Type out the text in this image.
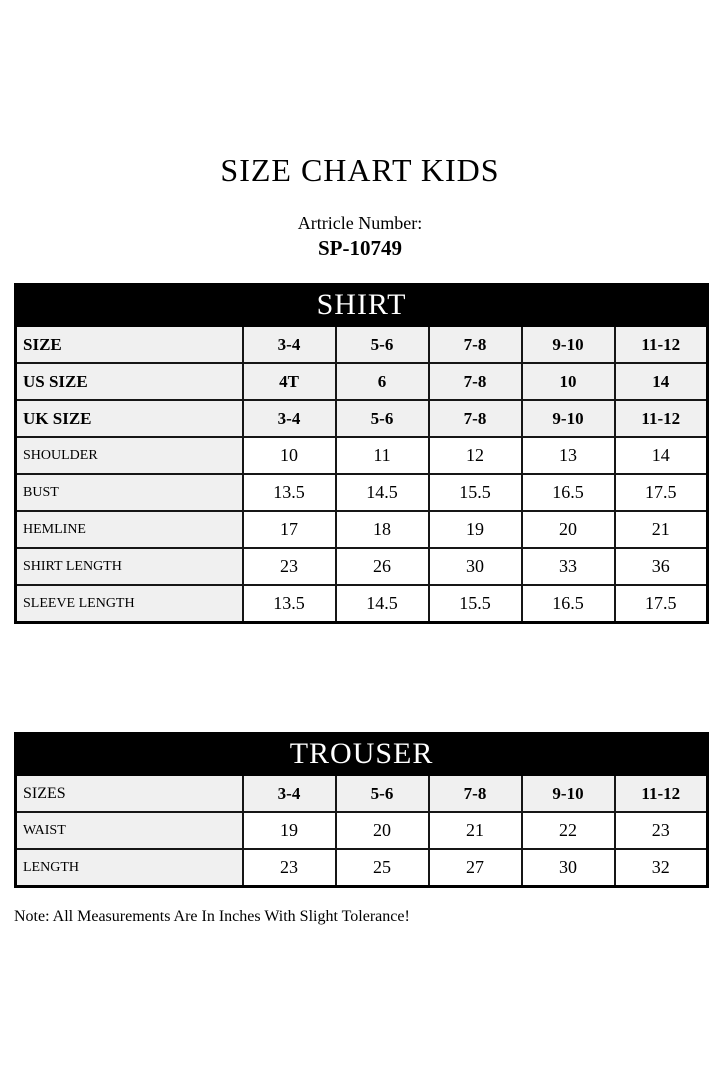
SIZE CHART KIDS
Artricle Number:
SP-10749
SHIRT					
SIZE	3-4	5-6	7-8	9-10	11-12
US SIZE	4T	6	7-8	10	14
UK SIZE	3-4	5-6	7-8	9-10	11-12
SHOULDER	10	11	12	13	14
BUST	13.5	14.5	15.5	16.5	17.5
HEMLINE	17	18	19	20	21
SHIRT LENGTH	23	26	30	33	36
SLEEVE LENGTH	13.5	14.5	15.5	16.5	17.5
TROUSER					
SIZES	3-4	5-6	7-8	9-10	11-12
WAIST	19	20	21	22	23
LENGTH	23	25	27	30	32

Note: All Measurements Are In Inches With Slight Tolerance!
